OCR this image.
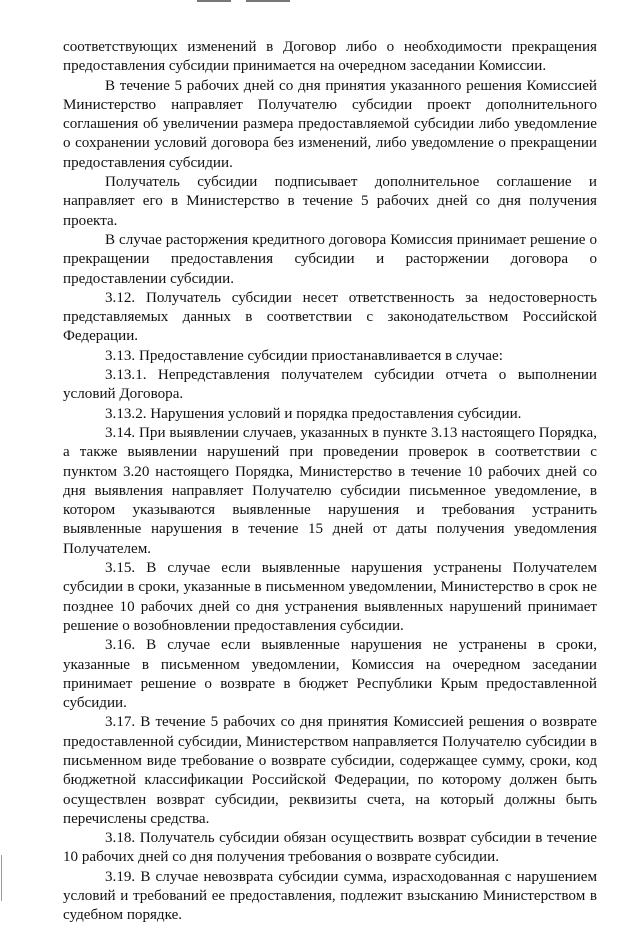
соответствующих изменений в Договор либо о необходимости прекращения предоставления субсидии принимается на очередном заседании Комиссии.

В течение 5 рабочих дней со дня принятия указанного решения Комиссией Министерство направляет Получателю субсидии проект дополнительного соглашения об увеличении размера предоставляемой субсидии либо уведомление о сохранении условий договора без изменений, либо уведомление о прекращении предоставления субсидии.

Получатель субсидии подписывает дополнительное соглашение и направляет его в Министерство в течение 5 рабочих дней со дня получения проекта.

В случае расторжения кредитного договора Комиссия принимает решение о прекращении предоставления субсидии и расторжении договора о предоставлении субсидии.

3.12. Получатель субсидии несет ответственность за недостоверность представляемых данных в соответствии с законодательством Российской Федерации.

3.13. Предоставление субсидии приостанавливается в случае:

3.13.1. Непредставления получателем субсидии отчета о выполнении условий Договора.

3.13.2. Нарушения условий и порядка предоставления субсидии.

3.14. При выявлении случаев, указанных в пункте 3.13 настоящего Порядка, а также выявлении нарушений при проведении проверок в соответствии с пунктом 3.20 настоящего Порядка, Министерство в течение 10 рабочих дней со дня выявления направляет Получателю субсидии письменное уведомление, в котором указываются выявленные нарушения и требования устранить выявленные нарушения в течение 15 дней от даты получения уведомления Получателем.

3.15. В случае если выявленные нарушения устранены Получателем субсидии в сроки, указанные в письменном уведомлении, Министерство в срок не позднее 10 рабочих дней со дня устранения выявленных нарушений принимает решение о возобновлении предоставления субсидии.

3.16. В случае если выявленные нарушения не устранены в сроки, указанные в письменном уведомлении, Комиссия на очередном заседании принимает решение о возврате в бюджет Республики Крым предоставленной субсидии.

3.17. В течение 5 рабочих со дня принятия Комиссией решения о возврате предоставленной субсидии, Министерством направляется Получателю субсидии в письменном виде требование о возврате субсидии, содержащее сумму, сроки, код бюджетной классификации Российской Федерации, по которому должен быть осуществлен возврат субсидии, реквизиты счета, на который должны быть перечислены средства.

3.18. Получатель субсидии обязан осуществить возврат субсидии в течение 10 рабочих дней со дня получения требования о возврате субсидии.

3.19. В случае невозврата субсидии сумма, израсходованная с нарушением условий и требований ее предоставления, подлежит взысканию Министерством в судебном порядке.
